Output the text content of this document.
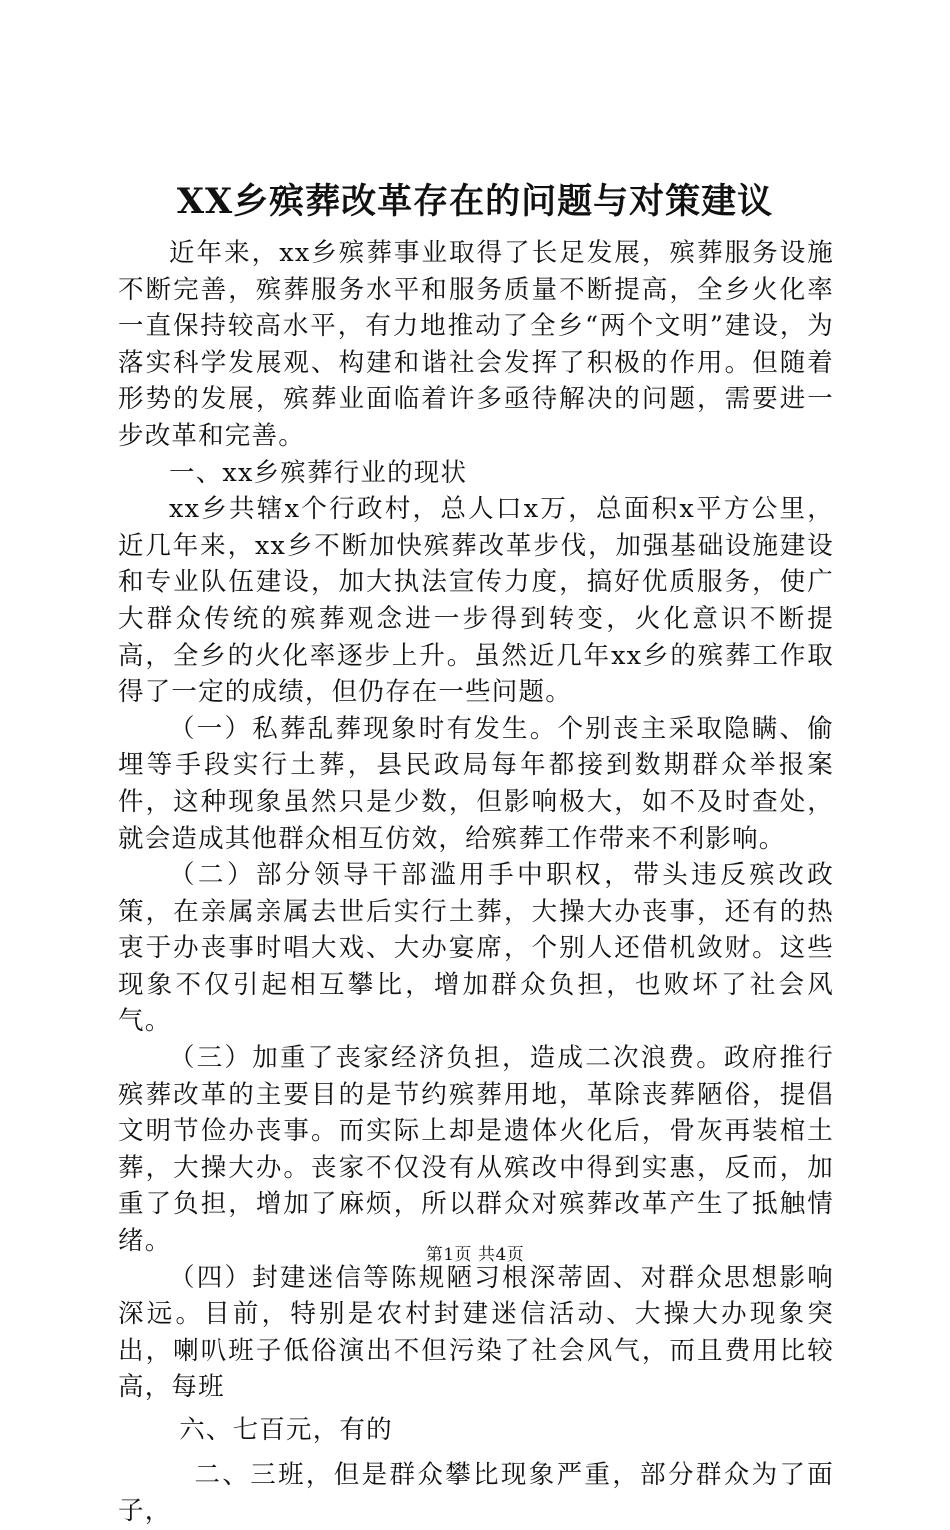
XX乡殡葬改革存在的问题与对策建议

近年来，xx乡殡葬事业取得了长足发展，殡葬服务设施不断完善，殡葬服务水平和服务质量不断提高，全乡火化率一直保持较高水平，有力地推动了全乡“两个文明”建设，为落实科学发展观、构建和谐社会发挥了积极的作用。但随着形势的发展，殡葬业面临着许多亟待解决的问题，需要进一步改革和完善。

一、xx乡殡葬行业的现状

xx乡共辖x个行政村，总人口x万，总面积x平方公里，近几年来，xx乡不断加快殡葬改革步伐，加强基础设施建设和专业队伍建设，加大执法宣传力度，搞好优质服务，使广大群众传统的殡葬观念进一步得到转变，火化意识不断提高，全乡的火化率逐步上升。虽然近几年xx乡的殡葬工作取得了一定的成绩，但仍存在一些问题。

（一）私葬乱葬现象时有发生。个别丧主采取隐瞒、偷埋等手段实行土葬，县民政局每年都接到数期群众举报案件，这种现象虽然只是少数，但影响极大，如不及时查处，就会造成其他群众相互仿效，给殡葬工作带来不利影响。

（二）部分领导干部滥用手中职权，带头违反殡改政策，在亲属亲属去世后实行土葬，大操大办丧事，还有的热衷于办丧事时唱大戏、大办宴席，个别人还借机敛财。这些现象不仅引起相互攀比，增加群众负担，也败坏了社会风气。

（三）加重了丧家经济负担，造成二次浪费。政府推行殡葬改革的主要目的是节约殡葬用地，革除丧葬陋俗，提倡文明节俭办丧事。而实际上却是遗体火化后，骨灰再装棺土葬，大操大办。丧家不仅没有从殡改中得到实惠，反而，加重了负担，增加了麻烦，所以群众对殡葬改革产生了抵触情绪。

（四）封建迷信等陈规陋习根深蒂固、对群众思想影响深远。目前，特别是农村封建迷信活动、大操大办现象突出，喇叭班子低俗演出不但污染了社会风气，而且费用比较高，每班

六、七百元，有的

二、三班，但是群众攀比现象严重，部分群众为了面子，

第1页 共4页
